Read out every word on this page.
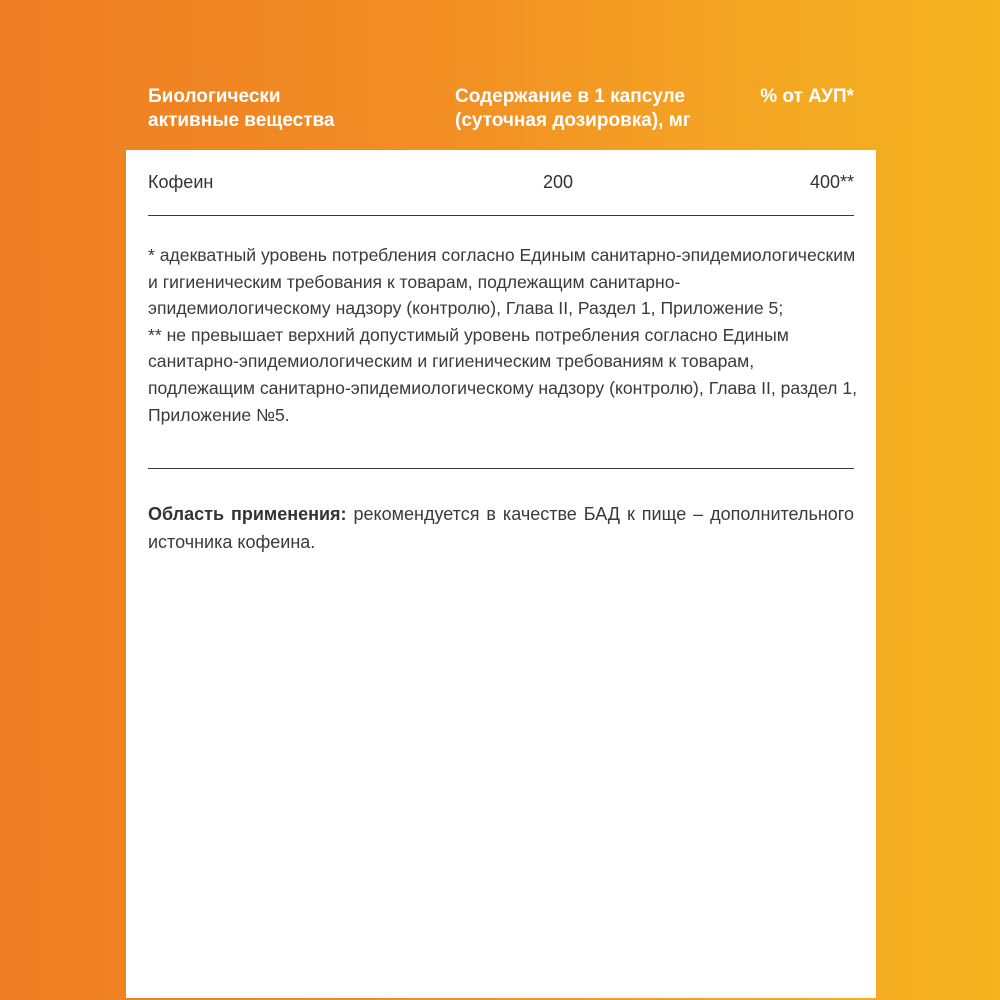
Биологически
активные вещества
Содержание в 1 капсуле
(суточная дозировка), мг
% от АУП*
Кофеин	200	400**

* адекватный уровень потребления согласно Единым санитарно-эпидемиологическим и гигиеническим требования к товарам, подлежащим санитарно-эпидемиологическому надзору (контролю), Глава II, Раздел 1, Приложение 5;

** не превышает верхний допустимый уровень потребления согласно Единым санитарно-эпидемиологическим и гигиеническим требованиям к товарам, подлежащим санитарно-эпидемиологическому надзору (контролю), Глава II, раздел 1, Приложение №5.

Область применения: рекомендуется в качестве БАД к пище – дополнительного источника кофеина.
